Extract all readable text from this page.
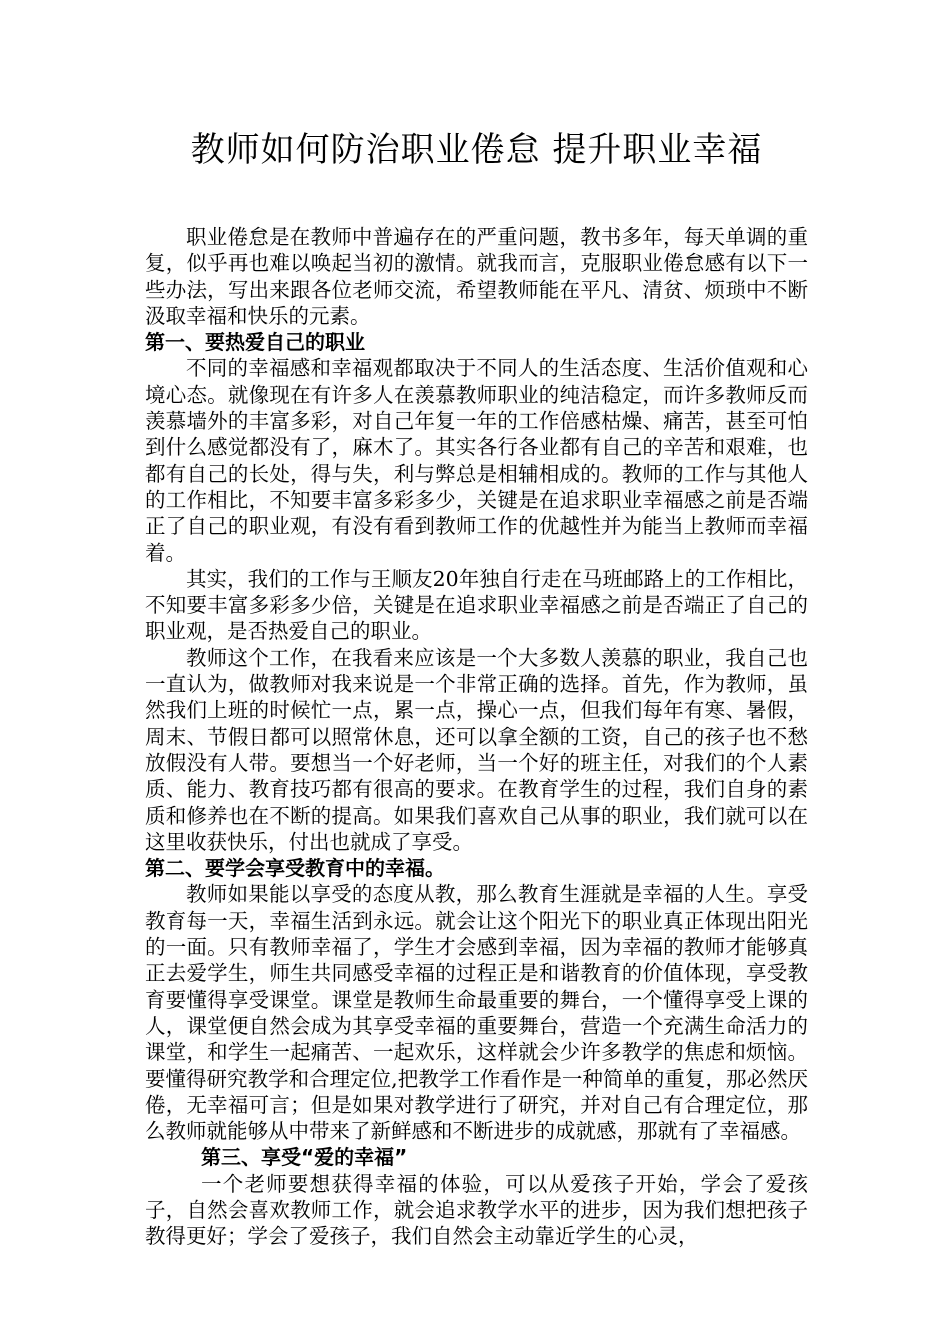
教师如何防治职业倦怠 提升职业幸福

职业倦怠是在教师中普遍存在的严重问题，教书多年，每天单调的重复，似乎再也难以唤起当初的激情。就我而言，克服职业倦怠感有以下一些办法，写出来跟各位老师交流，希望教师能在平凡、清贫、烦琐中不断汲取幸福和快乐的元素。

第一、要热爱自己的职业

不同的幸福感和幸福观都取决于不同人的生活态度、生活价值观和心境心态。就像现在有许多人在羡慕教师职业的纯洁稳定，而许多教师反而羡慕墙外的丰富多彩，对自己年复一年的工作倍感枯燥、痛苦，甚至可怕到什么感觉都没有了，麻木了。其实各行各业都有自己的辛苦和艰难，也都有自己的长处，得与失，利与弊总是相辅相成的。教师的工作与其他人的工作相比，不知要丰富多彩多少，关键是在追求职业幸福感之前是否端正了自己的职业观，有没有看到教师工作的优越性并为能当上教师而幸福着。

其实，我们的工作与王顺友20年独自行走在马班邮路上的工作相比，不知要丰富多彩多少倍，关键是在追求职业幸福感之前是否端正了自己的职业观，是否热爱自己的职业。

教师这个工作，在我看来应该是一个大多数人羡慕的职业，我自己也一直认为，做教师对我来说是一个非常正确的选择。首先，作为教师，虽然我们上班的时候忙一点，累一点，操心一点，但我们每年有寒、暑假，周末、节假日都可以照常休息，还可以拿全额的工资，自己的孩子也不愁放假没有人带。要想当一个好老师，当一个好的班主任，对我们的个人素质、能力、教育技巧都有很高的要求。在教育学生的过程，我们自身的素质和修养也在不断的提高。如果我们喜欢自己从事的职业，我们就可以在这里收获快乐，付出也就成了享受。

第二、要学会享受教育中的幸福。

教师如果能以享受的态度从教，那么教育生涯就是幸福的人生。享受教育每一天，幸福生活到永远。就会让这个阳光下的职业真正体现出阳光的一面。只有教师幸福了，学生才会感到幸福，因为幸福的教师才能够真正去爱学生，师生共同感受幸福的过程正是和谐教育的价值体现，享受教育要懂得享受课堂。课堂是教师生命最重要的舞台，一个懂得享受上课的人，课堂便自然会成为其享受幸福的重要舞台，营造一个充满生命活力的课堂，和学生一起痛苦、一起欢乐，这样就会少许多教学的焦虑和烦恼。要懂得研究教学和合理定位,把教学工作看作是一种简单的重复，那必然厌倦，无幸福可言；但是如果对教学进行了研究，并对自己有合理定位，那么教师就能够从中带来了新鲜感和不断进步的成就感，那就有了幸福感。

第三、享受“爱的幸福”

一个老师要想获得幸福的体验，可以从爱孩子开始，学会了爱孩子，自然会喜欢教师工作，就会追求教学水平的进步，因为我们想把孩子教得更好；学会了爱孩子，我们自然会主动靠近学生的心灵，
